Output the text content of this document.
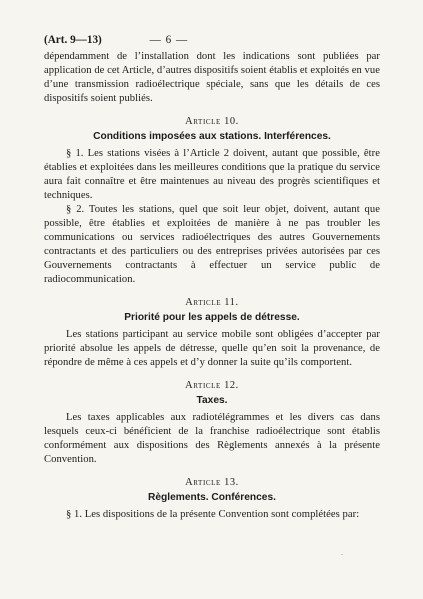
(Art. 9—13)	— 6 —

dépendamment de l’installation dont les indications sont publiées par application de cet Article, d’autres dispositifs soient établis et exploités en vue d’une transmission radioélectrique spéciale, sans que les détails de ces dispositifs soient publiés.

Article 10.
Conditions imposées aux stations. Interférences.

§ 1. Les stations visées à l’Article 2 doivent, autant que possible, être établies et exploitées dans les meilleures conditions que la pratique du service aura fait connaître et être maintenues au niveau des progrès scientifiques et techniques.

§ 2. Toutes les stations, quel que soit leur objet, doivent, autant que possible, être établies et exploitées de manière à ne pas troubler les communications ou services radioélectriques des autres Gouvernements contractants et des particuliers ou des entreprises privées autorisées par ces Gouvernements contractants à effectuer un service public de radiocommunication.

Article 11.
Priorité pour les appels de détresse.

Les stations participant au service mobile sont obligées d’accepter par priorité absolue les appels de détresse, quelle qu’en soit la provenance, de répondre de même à ces appels et d’y donner la suite qu’ils comportent.

Article 12.
Taxes.

Les taxes applicables aux radiotélégrammes et les divers cas dans lesquels ceux-ci bénéficient de la franchise radioélectrique sont établis conformément aux dispositions des Règlements annexés à la présente Convention.

Article 13.
Règlements. Conférences.

§ 1. Les dispositions de la présente Convention sont complétées par:

.
